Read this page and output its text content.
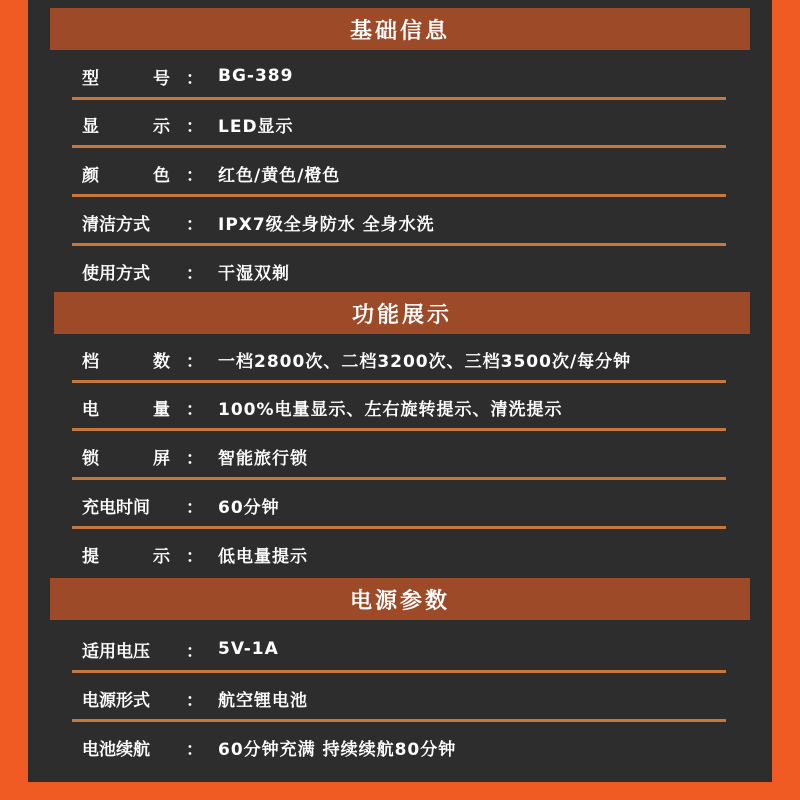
基础信息
型	号 ： BG-389
显	示 ： LED显示
颜	色 ： 红色/黄色/橙色
清洁方式	： IPX7级全身防水 全身水洗
使用方式	： 干湿双剃
功能展示
档	数 ： 一档2800次、二档3200次、三档3500次/每分钟
电	量 ： 100%电量显示、左右旋转提示、清洗提示
锁	屏 ： 智能旅行锁
充电时间	： 60分钟
提	示 ： 低电量提示
电源参数
适用电压	： 5V-1A
电源形式	： 航空锂电池
电池续航	： 60分钟充满 持续续航80分钟
